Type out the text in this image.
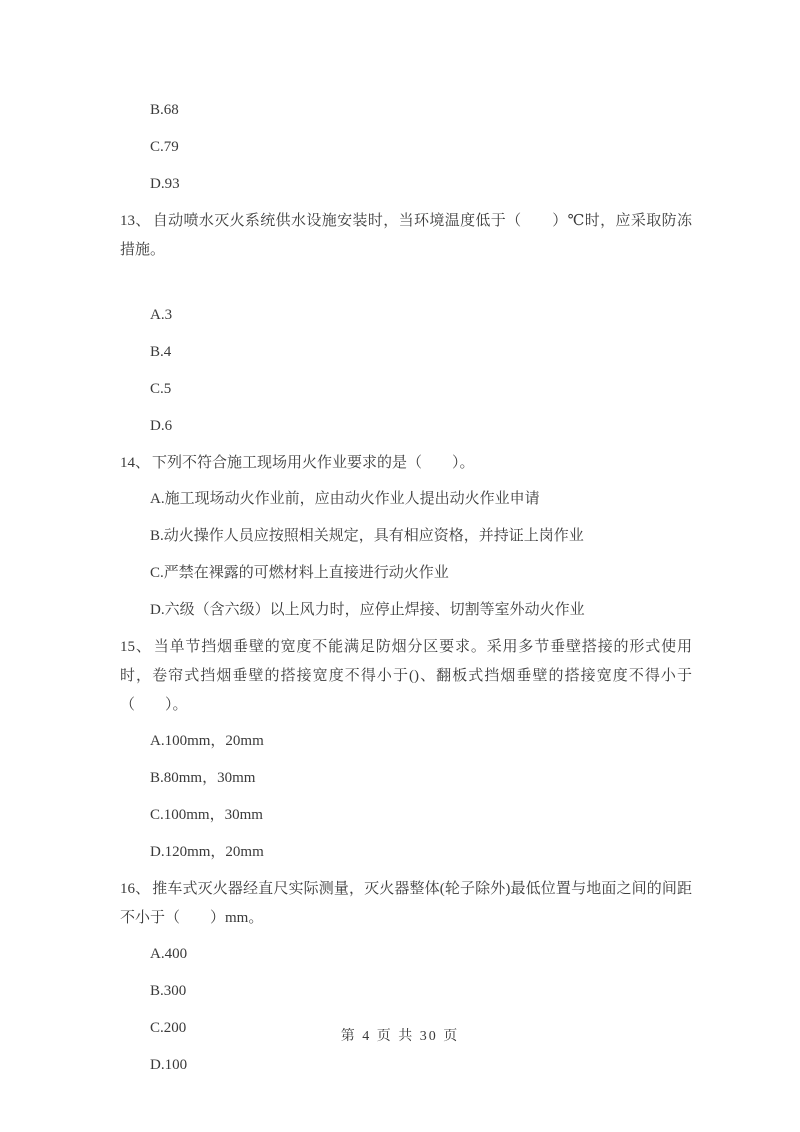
B.68

C.79

D.93

13、 自动喷水灭火系统供水设施安装时，当环境温度低于（　　）℃时，应采取防冻措施。

A.3

B.4

C.5

D.6

14、 下列不符合施工现场用火作业要求的是（　　）。

A.施工现场动火作业前，应由动火作业人提出动火作业申请

B.动火操作人员应按照相关规定，具有相应资格，并持证上岗作业

C.严禁在裸露的可燃材料上直接进行动火作业

D.六级（含六级）以上风力时，应停止焊接、切割等室外动火作业

15、 当单节挡烟垂壁的宽度不能满足防烟分区要求。采用多节垂壁搭接的形式使用时，卷帘式挡烟垂壁的搭接宽度不得小于()、翻板式挡烟垂壁的搭接宽度不得小于（　　）。

A.100mm，20mm

B.80mm，30mm

C.100mm，30mm

D.120mm，20mm

16、 推车式灭火器经直尺实际测量，灭火器整体(轮子除外)最低位置与地面之间的间距不小于（　　）mm。

A.400

B.300

C.200

D.100

第 4 页 共 30 页
